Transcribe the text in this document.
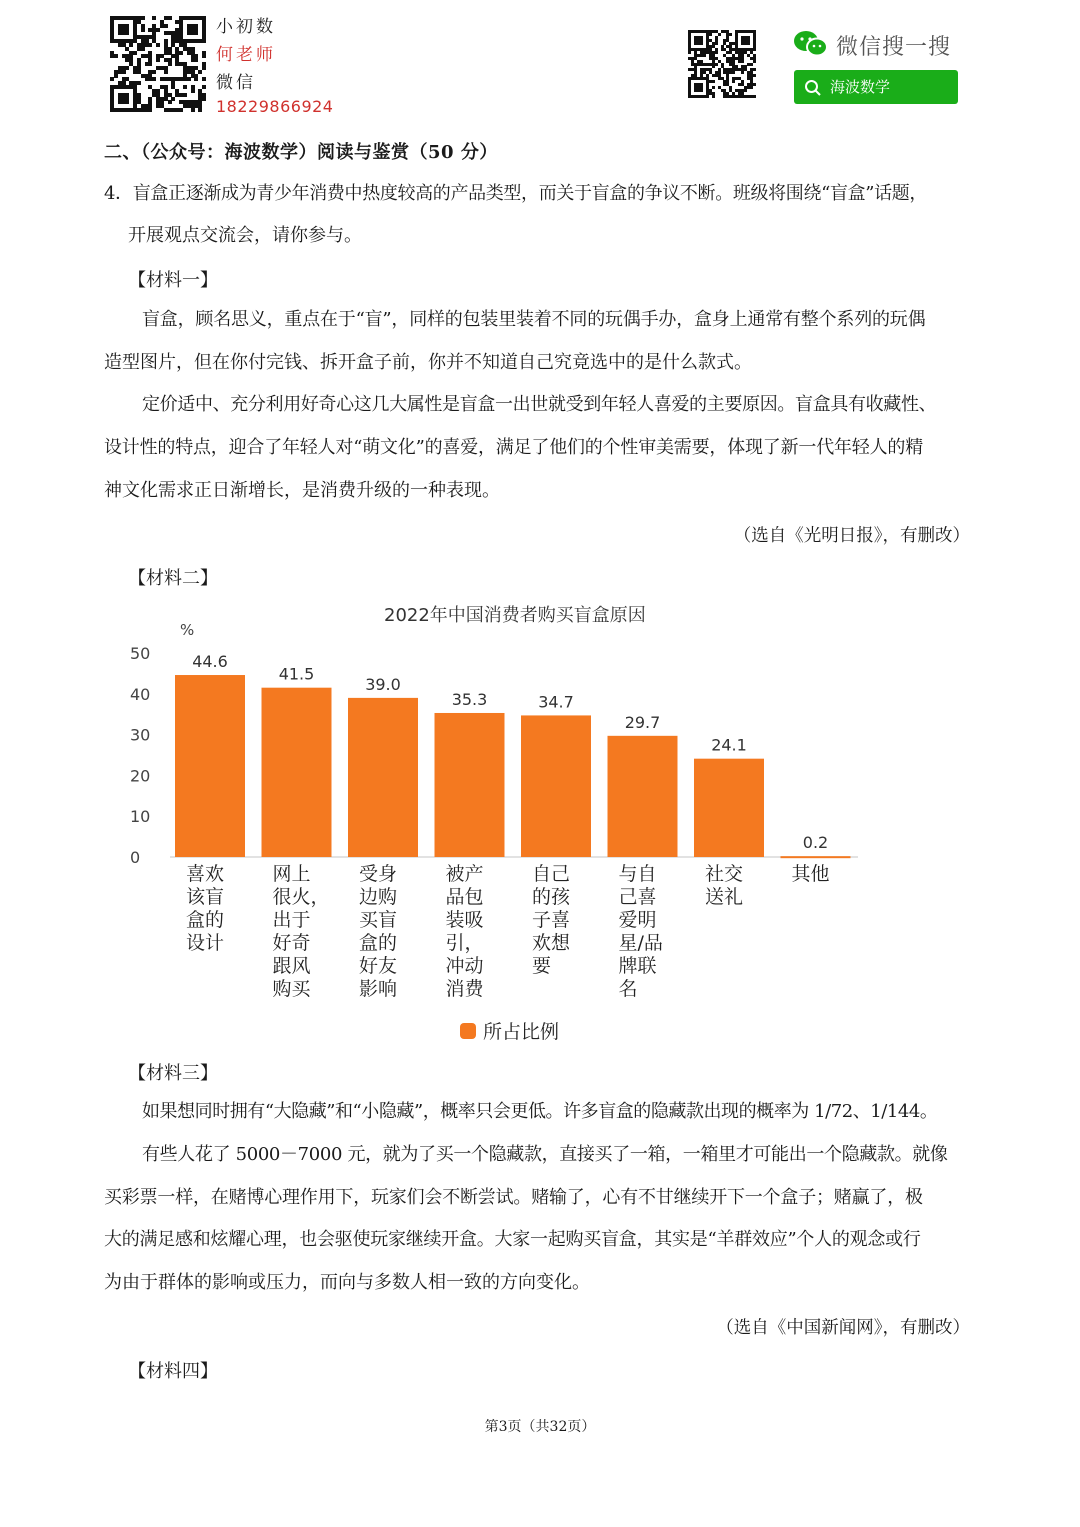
小初数
何老师
微信
18229866924
微信搜一搜
海波数学
二、（公众号：海波数学）阅读与鉴赏（50 分）
4．盲盒正逐渐成为青少年消费中热度较高的产品类型，而关于盲盒的争议不断。班级将围绕“盲盒”话题，
开展观点交流会，请你参与。
【材料一】
盲盒，顾名思义，重点在于“盲”，同样的包装里装着不同的玩偶手办，盒身上通常有整个系列的玩偶
造型图片，但在你付完钱、拆开盒子前，你并不知道自己究竟选中的是什么款式。
定价适中、充分利用好奇心这几大属性是盲盒一出世就受到年轻人喜爱的主要原因。盲盒具有收藏性、
设计性的特点，迎合了年轻人对“萌文化”的喜爱，满足了他们的个性审美需要，体现了新一代年轻人的精
神文化需求正日渐增长，是消费升级的一种表现。
（选自《光明日报》，有删改）
【材料二】
2022年中国消费者购买盲盒原因
%
0
10
20
30
40
50	44.6
喜欢
该盲
盒的
设计
41.5
网上
很火，
出于
好奇
跟风
购买
39.0
受身
边购
买盲
盒的
好友
影响
35.3
被产
品包
装吸
引，
冲动
消费
34.7
自己
的孩
子喜
欢想
要
29.7
与自
己喜
爱明
星/品
牌联
名
24.1
社交
送礼
0.2
其他
所占比例
【材料三】
如果想同时拥有“大隐藏”和“小隐藏”，概率只会更低。许多盲盒的隐藏款出现的概率为 1/72、1/144。
有些人花了 5000－7000 元，就为了买一个隐藏款，直接买了一箱，一箱里才可能出一个隐藏款。就像
买彩票一样，在赌博心理作用下，玩家们会不断尝试。赌输了，心有不甘继续开下一个盒子；赌赢了，极
大的满足感和炫耀心理，也会驱使玩家继续开盒。大家一起购买盲盒，其实是“羊群效应”个人的观念或行
为由于群体的影响或压力，而向与多数人相一致的方向变化。
（选自《中国新闻网》，有删改）
【材料四】
第3页（共32页）
